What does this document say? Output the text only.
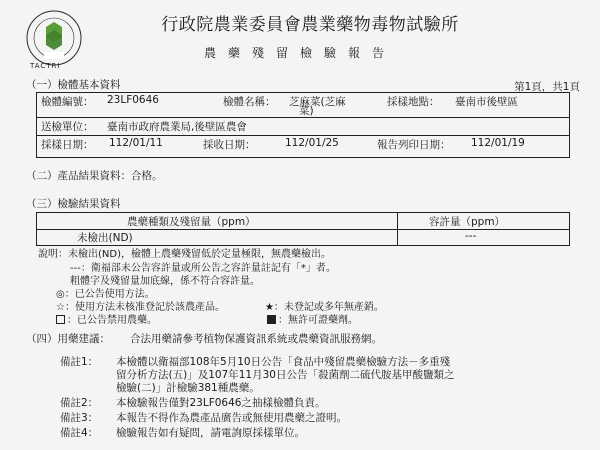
TACTRI
行政院農業委員會農業藥物毒物試驗所
農藥殘留檢驗報告
（一）檢體基本資料	第1頁，共1頁
檢體編號： 23LF0646	檢體名稱： 芝麻菜(芝麻	採樣地點： 臺南市後壁區
菜)
送檢單位： 臺南市政府農業局,後壁區農會
採樣日期： 112/01/11	採收日期：	112/01/25	報告列印日期： 112/01/19
（二）產品結果資料：合格。
（三）檢驗結果資料
農藥種類及殘留量（ppm）	容許量（ppm）
未檢出(ND)	---
說明：未檢出(ND)，檢體上農藥殘留低於定量極限，無農藥檢出。
---：衛福部未公告容許量或所公告之容許量註記有「*」者。
粗體字及殘留量加底線，係不符合容許量。
◎：已公告使用方法。
☆：使用方法未核准登記於該農產品。	★：未登記或多年無產銷。
：已公告禁用農藥。	：無許可證藥劑。
（四）用藥建議： 合法用藥請參考植物保護資訊系統或農藥資訊服務網。
備註1： 本檢體以衛福部108年5月10日公告「食品中殘留農藥檢驗方法－多重殘
留分析方法(五)」及107年11月30日公告「殺菌劑二硫代胺基甲酸鹽類之
檢驗(二)」計檢驗381種農藥。
備註2： 本檢驗報告僅對23LF0646之抽樣檢體負責。
備註3： 本報告不得作為農產品廣告或無使用農藥之證明。
備註4： 檢驗報告如有疑問，請電詢原採樣單位。
